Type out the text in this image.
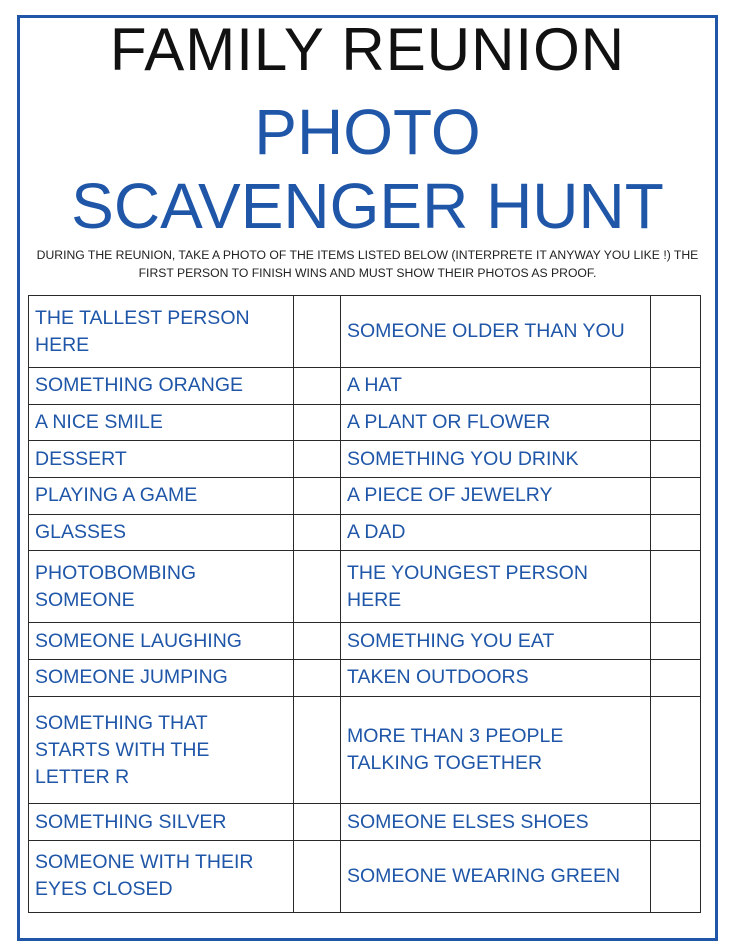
FAMILY REUNION
PHOTO
SCAVENGER HUNT
DURING THE REUNION, TAKE A PHOTO OF THE ITEMS LISTED BELOW (INTERPRETE IT ANYWAY YOU LIKE !) THE FIRST PERSON TO FINISH WINS AND MUST SHOW THEIR PHOTOS AS PROOF.
THE TALLEST PERSON HERE		SOMEONE OLDER THAN YOU	
SOMETHING ORANGE		A HAT	
A NICE SMILE		A PLANT OR FLOWER	
DESSERT		SOMETHING YOU DRINK	
PLAYING A GAME		A PIECE OF JEWELRY	
GLASSES		A DAD	
PHOTOBOMBING SOMEONE		THE YOUNGEST PERSON HERE	
SOMEONE LAUGHING		SOMETHING YOU EAT	
SOMEONE JUMPING		TAKEN OUTDOORS	
SOMETHING THAT STARTS WITH THE LETTER R		MORE THAN 3 PEOPLE TALKING TOGETHER	
SOMETHING SILVER		SOMEONE ELSES SHOES	
SOMEONE WITH THEIR EYES CLOSED		SOMEONE WEARING GREEN	
